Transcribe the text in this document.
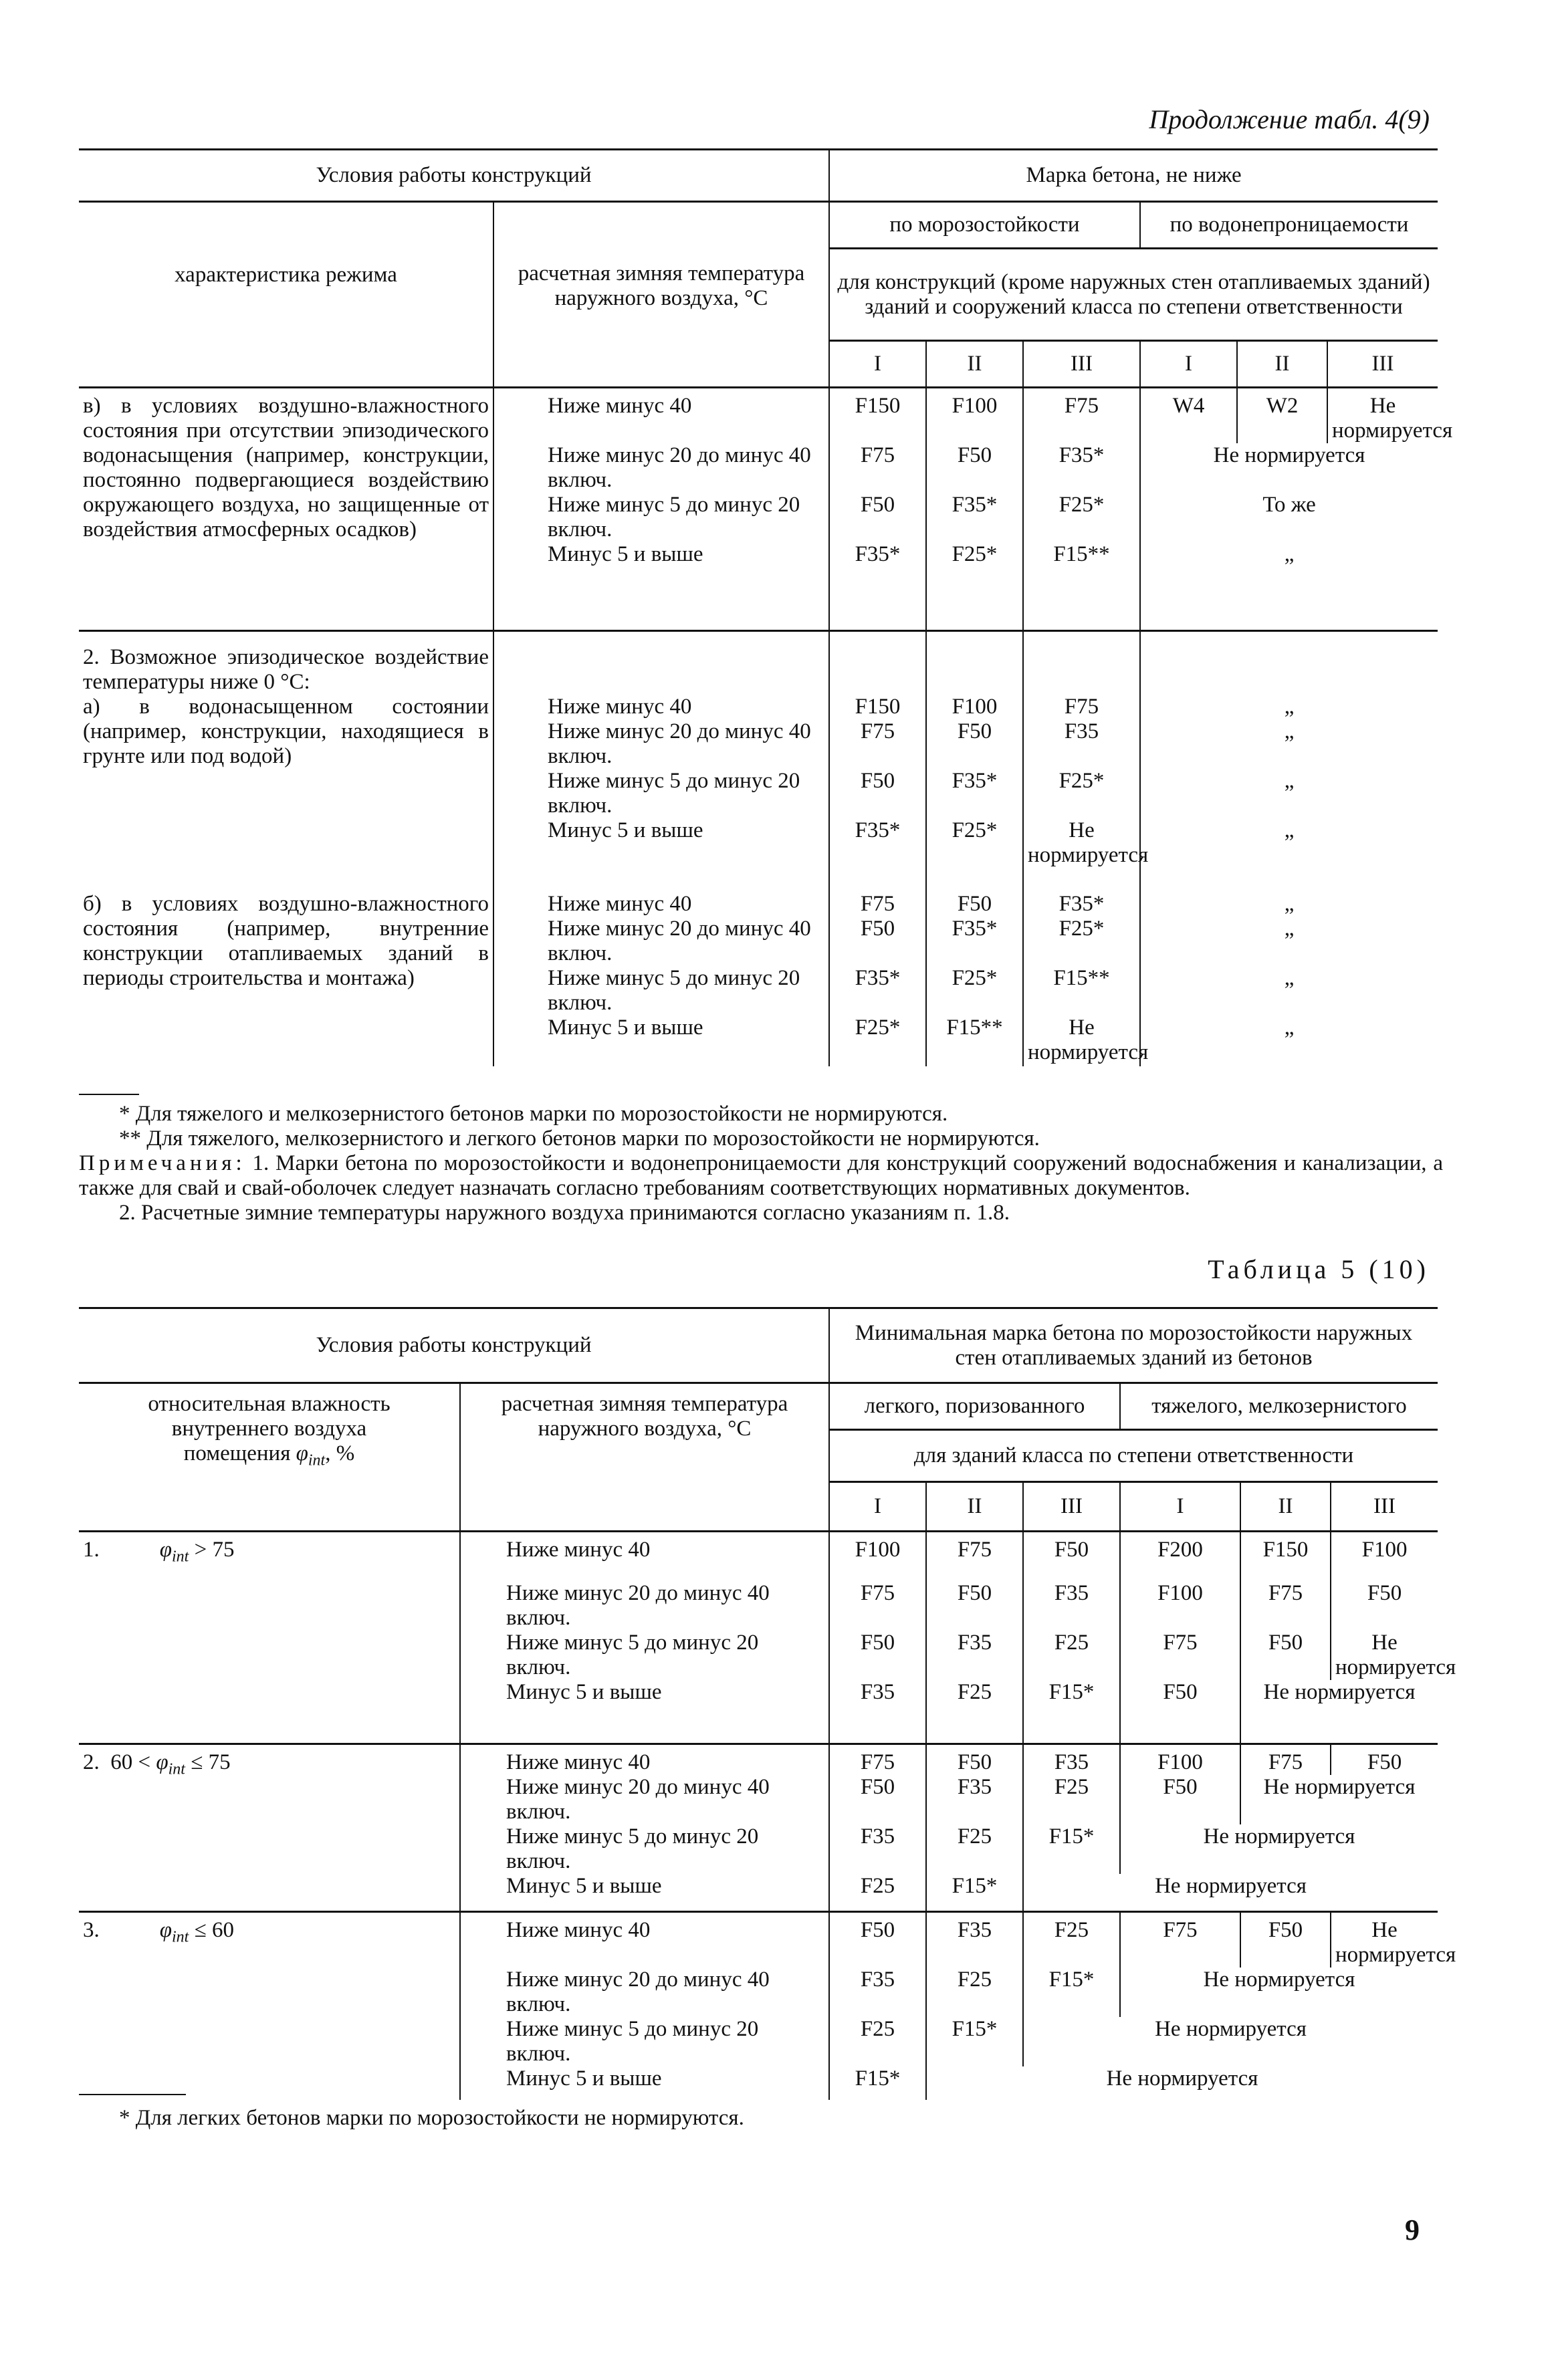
Продолжение табл. 4(9)
Условия работы конструкций		Марка бетона, не ниже					
характеристика режима	расчетная зимняя температура наружного воздуха, °С	по морозостойкости			по водонепроницаемости		
		для конструкций (кроме наружных стен отапливаемых зданий) зданий и сооружений класса по степени ответственности					
		I	II	III	I	II	III
в) в условиях воздушно-влажностного состояния при отсутствии эпизодического водонасыщения (например, конструкции, постоянно подвергающиеся воздействию окружающего воздуха, но защищенные от воздействия атмосферных осадков)	Ниже минус 40	F150	F100	F75	W4	W2	Не нормируется
	Ниже минус 20 до минус 40 включ.	F75	F50	F35*	Не нормируется		
	Ниже минус 5 до минус 20 включ.	F50	F35*	F25*	То же		
	Минус 5 и выше	F35*	F25*	F15**	„		
2. Возможное эпизодическое воздействие температуры ниже 0 °С:							
а) в водонасыщенном состоянии (например, конструкции, находящиеся в грунте или под водой)	Ниже минус 40	F150	F100	F75	„		
	Ниже минус 20 до минус 40 включ.	F75	F50	F35	„		
	Ниже минус 5 до минус 20 включ.	F50	F35*	F25*	„		
	Минус 5 и выше	F35*	F25*	Не нормируется	„		
б) в условиях воздушно-влажностного состояния (например, внутренние конструкции отапливаемых зданий в периоды строительства и монтажа)	Ниже минус 40	F75	F50	F35*	„		
	Ниже минус 20 до минус 40 включ.	F50	F35*	F25*	„		
	Ниже минус 5 до минус 20 включ.	F35*	F25*	F15**	„		
	Минус 5 и выше	F25*	F15**	Не нормируется	„		
* Для тяжелого и мелкозернистого бетонов марки по морозостойкости не нормируются.
** Для тяжелого, мелкозернистого и легкого бетонов марки по морозостойкости не нормируются.
Примечания: 1. Марки бетона по морозостойкости и водонепроницаемости для конструкций сооружений водоснабжения и канализации, а также для свай и свай-оболочек следует назначать согласно требованиям соответствующих нормативных документов.
2. Расчетные зимние температуры наружного воздуха принимаются согласно указаниям п. 1.8.
Таблица 5 (10)
Условия работы конструкций		Минимальная марка бетона по морозостойкости наружных стен отапливаемых зданий из бетонов					
относительная влажность
внутреннего воздуха
помещения $\varphi_{int}$, %	расчетная зимняя температура наружного воздуха, °С	легкого, поризованного			тяжелого, мелкозернистого		
		для зданий класса по степени ответственности					
		I	II	III	I	II	III
1. $\varphi_{int} > 75$	Ниже минус 40	F100	F75	F50	F200	F150	F100
	Ниже минус 20 до минус 40 включ.	F75	F50	F35	F100	F75	F50
	Ниже минус 5 до минус 20 включ.	F50	F35	F25	F75	F50	Не нормируется
	Минус 5 и выше	F35	F25	F15*	F50	Не нормируется	
2.  $60 < \varphi_{int} \le 75$	Ниже минус 40	F75	F50	F35	F100	F75	F50
	Ниже минус 20 до минус 40 включ.	F50	F35	F25	F50	Не нормируется	
	Ниже минус 5 до минус 20 включ.	F35	F25	F15*	Не нормируется		
	Минус 5 и выше	F25	F15*	Не нормируется			
3. $\varphi_{int} \le 60$	Ниже минус 40	F50	F35	F25	F75	F50	Не нормируется
	Ниже минус 20 до минус 40 включ.	F35	F25	F15*	Не нормируется		
	Ниже минус 5 до минус 20 включ.	F25	F15*	Не нормируется			
	Минус 5 и выше	F15*	Не нормируется				
* Для легких бетонов марки по морозостойкости не нормируются.
9
